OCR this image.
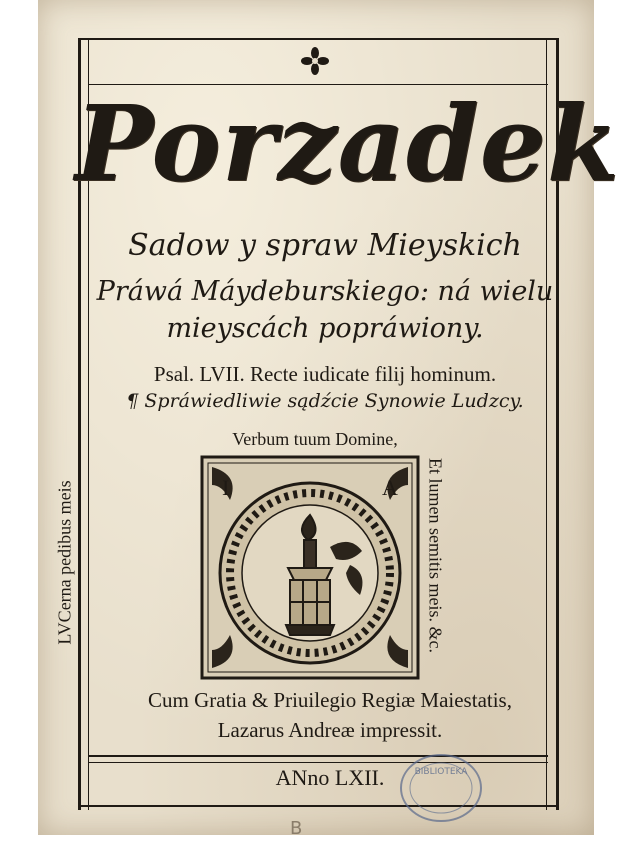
Porzadek
Sadow y spraw Mieyskich
Práwá Máydeburskiego: ná wielu
mieyscách popráwiony.
Psal. LVII. Recte iudicate filij hominum.
¶ Spráwiedliwie sądźcie Synowie Ludzcy.
Verbum tuum Domine,
LVCerna pedibus meis	Et lumen semitis meis. &c.
I	A
Cum Gratia & Priuilegio Regiæ Maiestatis,
Lazarus Andreæ impressit.
ANno LXII.	BIBLIOTEKA
B
